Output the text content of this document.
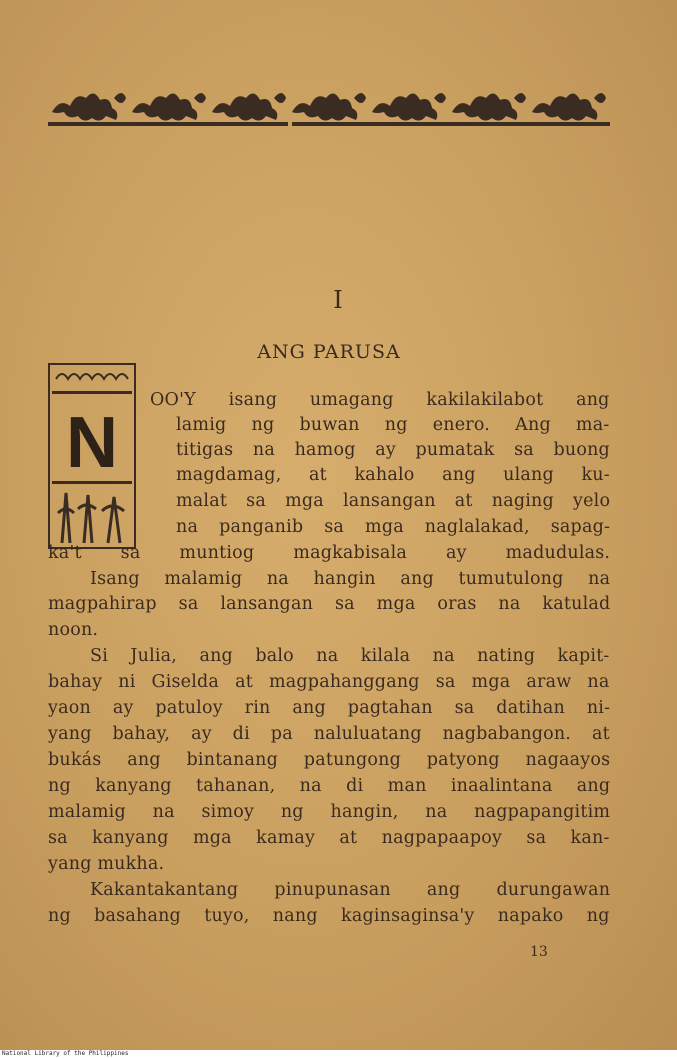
I
ANG PARUSA
N
OO'Y isang umagang kakilakilabot ang
lamig ng buwan ng enero. Ang ma-
titigas na hamog ay pumatak sa buong
magdamag, at kahalo ang ulang ku-
malat sa mga lansangan at naging yelo
na panganib sa mga naglalakad, sapag-
ka't sa muntiog magkabisala ay madudulas.
Isang malamig na hangin ang tumutulong na
magpahirap sa lansangan sa mga oras na katulad
noon.
Si Julia, ang balo na kilala na nating kapit-
bahay ni Giselda at magpahanggang sa mga araw na
yaon ay patuloy rin ang pagtahan sa datihan ni-
yang bahay, ay di pa naluluatang nagbabangon. at
bukás ang bintanang patungong patyong nagaayos
ng kanyang tahanan, na di man inaalintana ang
malamig na simoy ng hangin, na nagpapangitim
sa kanyang mga kamay at nagpapaapoy sa kan-
yang mukha.
Kakantakantang pinupunasan ang durungawan
ng basahang tuyo, nang kaginsaginsa'y napako ng
13
National Library of the Philippines
